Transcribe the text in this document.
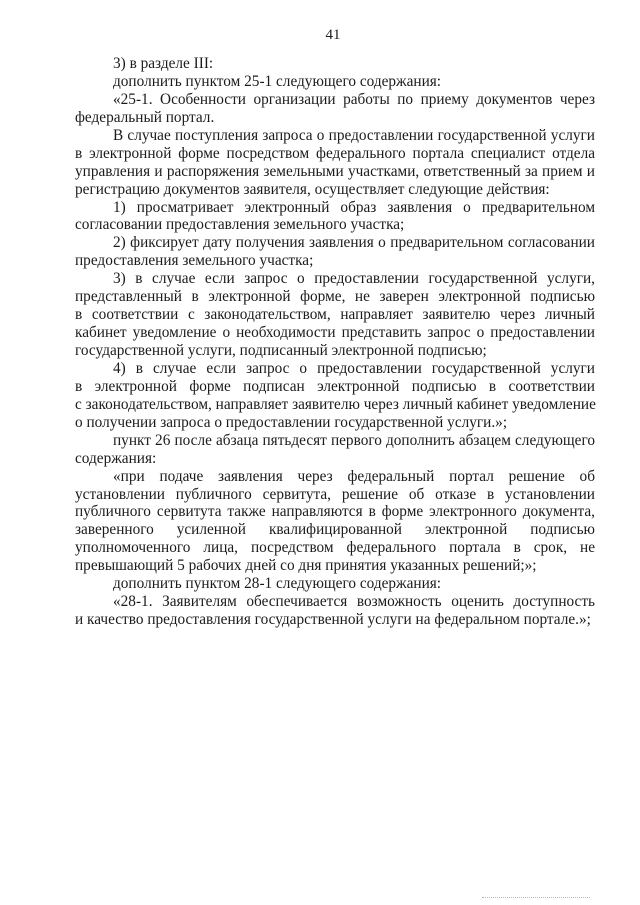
41
3) в разделе III:
дополнить пунктом 25-1 следующего содержания:
«25-1. Особенности организации работы по приему документов через
федеральный портал.
В случае поступления запроса о предоставлении государственной услуги
в электронной форме посредством федерального портала специалист отдела
управления и распоряжения земельными участками, ответственный за прием и
регистрацию документов заявителя, осуществляет следующие действия:
1) просматривает электронный образ заявления о предварительном
согласовании предоставления земельного участка;
2) фиксирует дату получения заявления о предварительном согласовании
предоставления земельного участка;
3) в случае если запрос о предоставлении государственной услуги,
представленный в электронной форме, не заверен электронной подписью
в соответствии с законодательством, направляет заявителю через личный
кабинет уведомление о необходимости представить запрос о предоставлении
государственной услуги, подписанный электронной подписью;
4) в случае если запрос о предоставлении государственной услуги
в электронной форме подписан электронной подписью в соответствии
с законодательством, направляет заявителю через личный кабинет уведомление
о получении запроса о предоставлении государственной услуги.»;
пункт 26 после абзаца пятьдесят первого дополнить абзацем следующего
содержания:
«при подаче заявления через федеральный портал решение об
установлении публичного сервитута, решение об отказе в установлении
публичного сервитута также направляются в форме электронного документа,
заверенного усиленной квалифицированной электронной подписью
уполномоченного лица, посредством федерального портала в срок, не
превышающий 5 рабочих дней со дня принятия указанных решений;»;
дополнить пунктом 28-1 следующего содержания:
«28-1. Заявителям обеспечивается возможность оценить доступность
и качество предоставления государственной услуги на федеральном портале.»;
